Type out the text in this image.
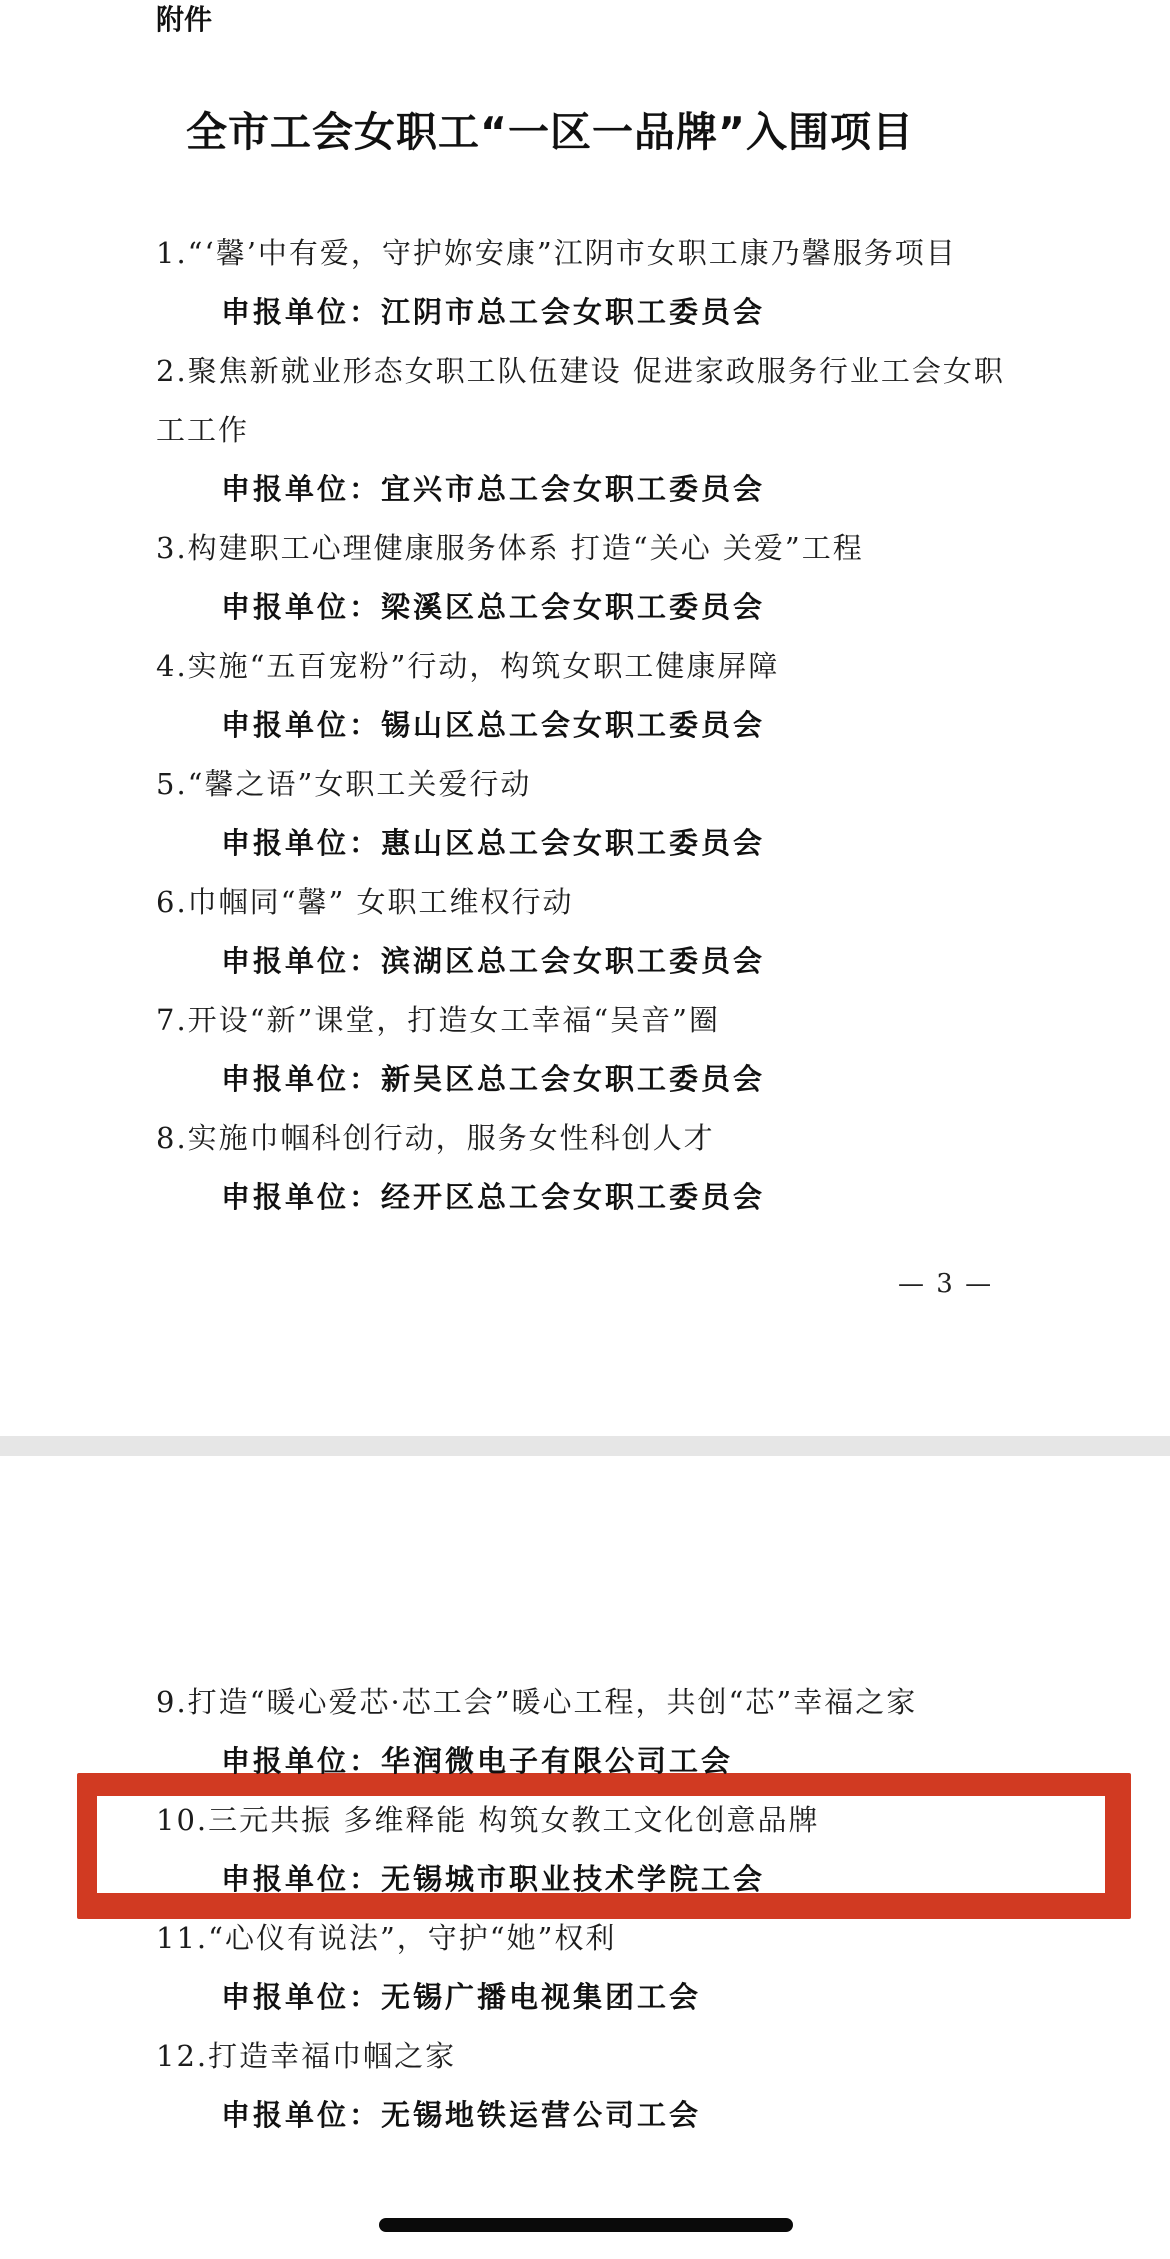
附件
全市工会女职工“一区一品牌”入围项目
1.“‘馨’中有爱，守护妳安康”江阴市女职工康乃馨服务项目
申报单位：江阴市总工会女职工委员会
2.聚焦新就业形态女职工队伍建设 促进家政服务行业工会女职
工工作
申报单位：宜兴市总工会女职工委员会
3.构建职工心理健康服务体系 打造“关心 关爱”工程
申报单位：梁溪区总工会女职工委员会
4.实施“五百宠粉”行动，构筑女职工健康屏障
申报单位：锡山区总工会女职工委员会
5.“馨之语”女职工关爱行动
申报单位：惠山区总工会女职工委员会
6.巾帼同“馨” 女职工维权行动
申报单位：滨湖区总工会女职工委员会
7.开设“新”课堂，打造女工幸福“吴音”圈
申报单位：新吴区总工会女职工委员会
8.实施巾帼科创行动，服务女性科创人才
申报单位：经开区总工会女职工委员会
— 3 —
9.打造“暖心爱芯·芯工会”暖心工程，共创“芯”幸福之家
申报单位：华润微电子有限公司工会
10.三元共振 多维释能 构筑女教工文化创意品牌
申报单位：无锡城市职业技术学院工会
11.“心仪有说法”，守护“她”权利
申报单位：无锡广播电视集团工会
12.打造幸福巾帼之家
申报单位：无锡地铁运营公司工会
